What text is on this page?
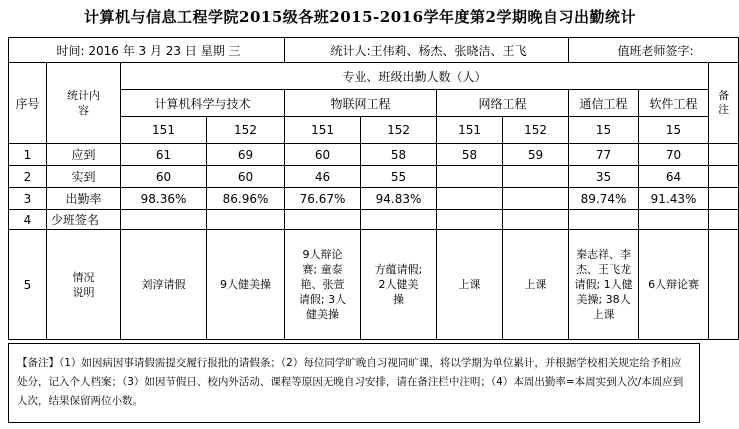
计算机与信息工程学院2015级各班2015-2016学年度第2学期晚自习出勤统计
时间: 2016 年 3 月 23 日 星期 三				统计人:王伟莉、杨杰、张晓洁、王飞				值班老师签字:		
序号	统计内容	专业、班级出勤人数（人）								备注

		计算机科学与技术		物联网工程		网络工程		通信工程	软件工程	
		151	152	151	152	151	152	15	15	
1	应到	61	69	60	58	58	59	77	70	
2	实到	60	60	46	55			35	64	
3	出勤率	98.36%	86.96%	76.67%	94.83%			89.74%	91.43%	
4	少班签名									
5	情况说明	刘淳请假	9人健美操	9人辩论赛; 童泰艳、张萱请假; 3人健美操	方蕴请假; 2人健美操	上课	上课	秦志祥、李杰、王飞龙请假; 1人健美操; 38人上课	6人辩论赛	
【备注】（1）如因病因事请假需提交履行报批的请假条；（2）每位同学旷晚自习视同旷课，将以学期为单位累计，并根据学校相关规定给予相应处分，记入个人档案；（3）如因节假日、校内外活动、课程等原因无晚自习安排，请在备注栏中注明；（4）本周出勤率=本周实到人次/本周应到人次，结果保留两位小数。
